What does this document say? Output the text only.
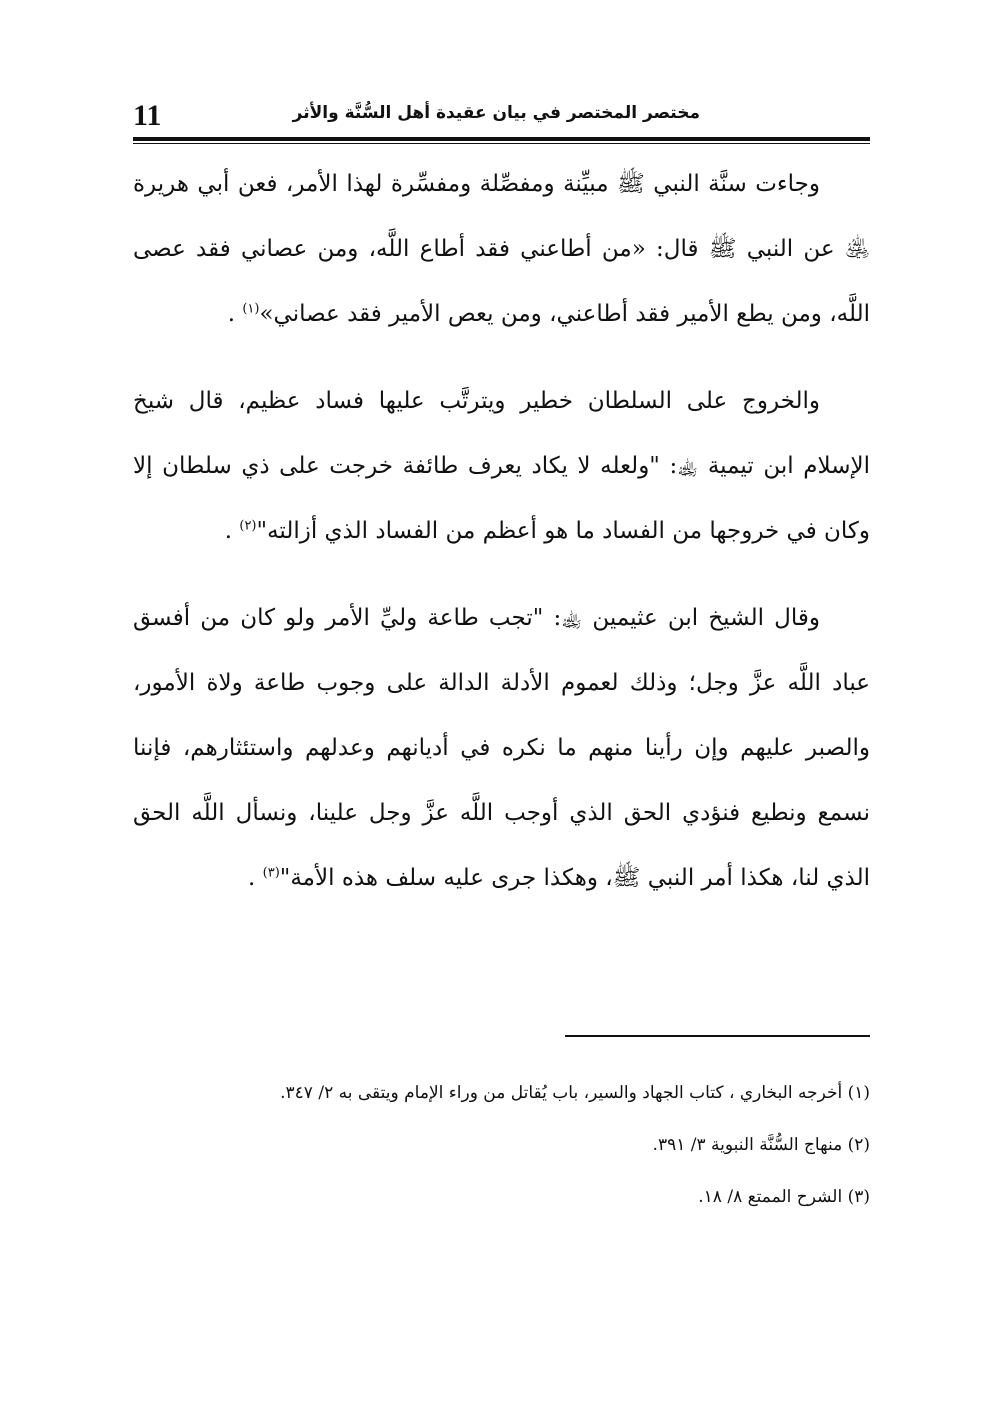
11	مختصر المختصر في بيان عقيدة أهل السُّنَّة والأثر

وجاءت سنَّة النبي ﷺ مبيِّنة ومفصِّلة ومفسِّرة لهذا الأمر، فعن أبي هريرة ﵁ عن النبي ﷺ قال: «من أطاعني فقد أطاع اللَّه، ومن عصاني فقد عصى اللَّه، ومن يطع الأمير فقد أطاعني، ومن يعص الأمير فقد عصاني»$^{(١)}$ .

والخروج على السلطان خطير ويترتَّب عليها فساد عظيم، قال شيخ الإسلام ابن تيمية ﵀: "ولعله لا يكاد يعرف طائفة خرجت على ذي سلطان إلا وكان في خروجها من الفساد ما هو أعظم من الفساد الذي أزالته"$^{(٢)}$ .

وقال الشيخ ابن عثيمين ﵀: "تجب طاعة وليِّ الأمر ولو كان من أفسق عباد اللَّه عزَّ وجل؛ وذلك لعموم الأدلة الدالة على وجوب طاعة ولاة الأمور، والصبر عليهم وإن رأينا منهم ما نكره في أديانهم وعدلهم واستئثارهم، فإننا نسمع ونطيع فنؤدي الحق الذي أوجب اللَّه عزَّ وجل علينا، ونسأل اللَّه الحق الذي لنا، هكذا أمر النبي ﷺ، وهكذا جرى عليه سلف هذه الأمة"$^{(٣)}$ .

(١) أخرجه البخاري ، كتاب الجهاد والسير، باب يُقاتل من وراء الإمام ويتقى به ٢/ ٣٤٧.

(٢) منهاج السُّنَّة النبوية ٣/ ٣٩١.

(٣) الشرح الممتع ٨/ ١٨.
